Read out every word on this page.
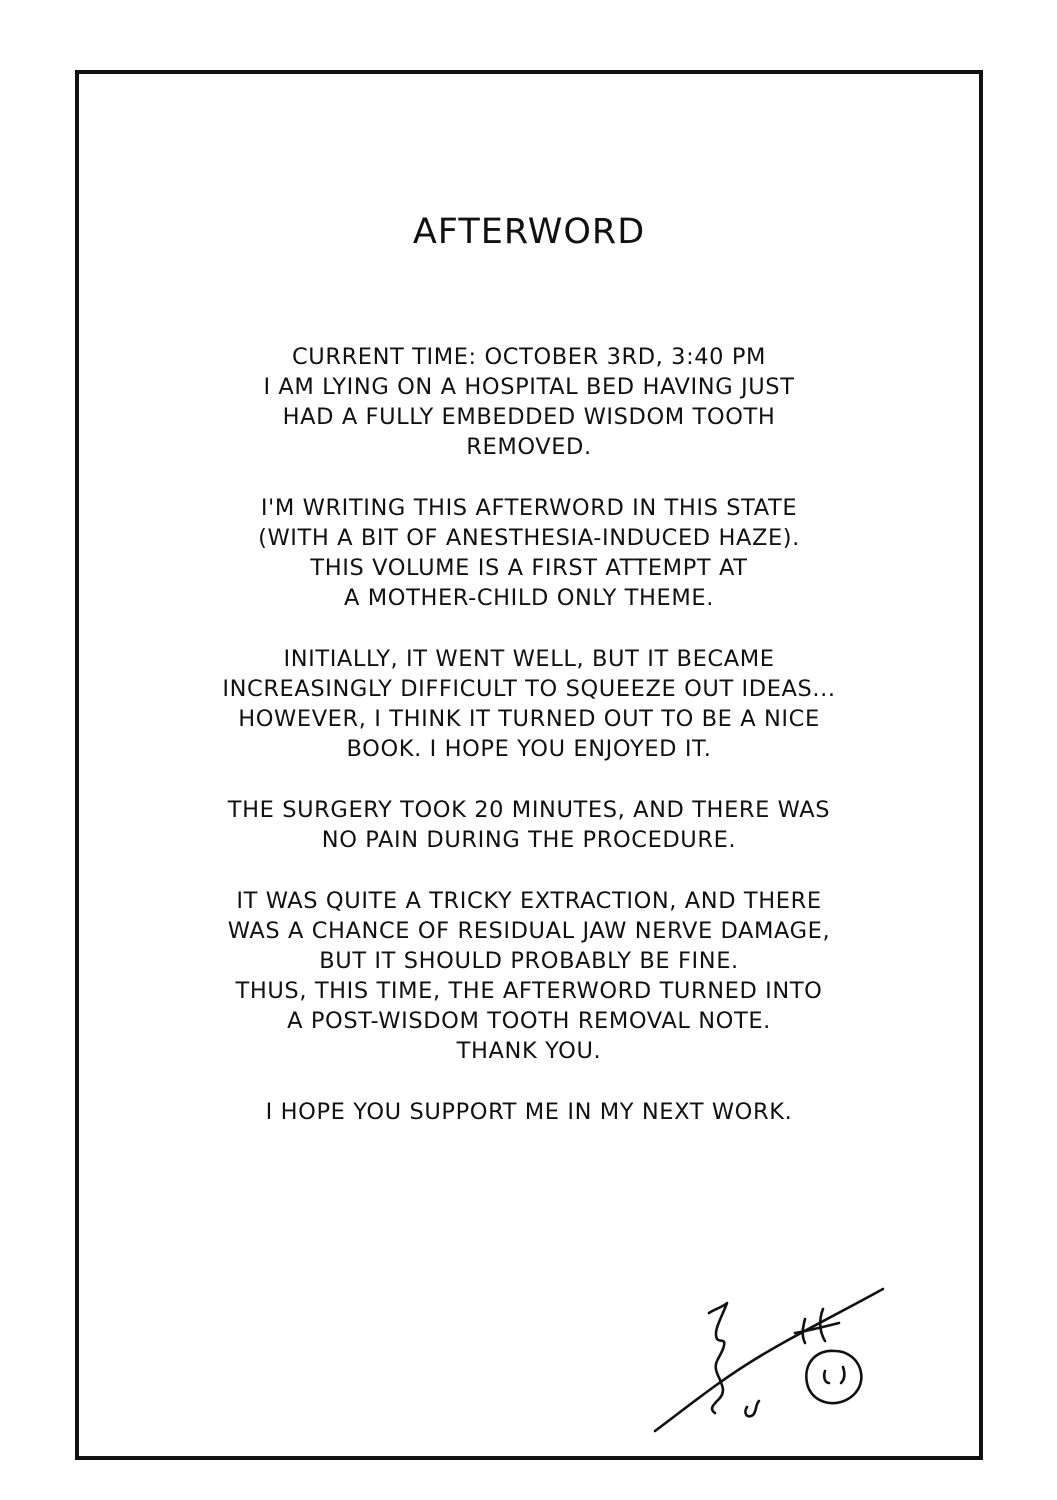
AFTERWORD

CURRENT TIME: OCTOBER 3RD, 3:40 PM
I AM LYING ON A HOSPITAL BED HAVING JUST
HAD A FULLY EMBEDDED WISDOM TOOTH
REMOVED.

I'M WRITING THIS AFTERWORD IN THIS STATE
(WITH A BIT OF ANESTHESIA-INDUCED HAZE).
THIS VOLUME IS A FIRST ATTEMPT AT
A MOTHER-CHILD ONLY THEME.

INITIALLY, IT WENT WELL, BUT IT BECAME
INCREASINGLY DIFFICULT TO SQUEEZE OUT IDEAS...
HOWEVER, I THINK IT TURNED OUT TO BE A NICE
BOOK. I HOPE YOU ENJOYED IT.

THE SURGERY TOOK 20 MINUTES, AND THERE WAS
NO PAIN DURING THE PROCEDURE.

IT WAS QUITE A TRICKY EXTRACTION, AND THERE
WAS A CHANCE OF RESIDUAL JAW NERVE DAMAGE,
BUT IT SHOULD PROBABLY BE FINE.
THUS, THIS TIME, THE AFTERWORD TURNED INTO
A POST-WISDOM TOOTH REMOVAL NOTE.
THANK YOU.

I HOPE YOU SUPPORT ME IN MY NEXT WORK.
